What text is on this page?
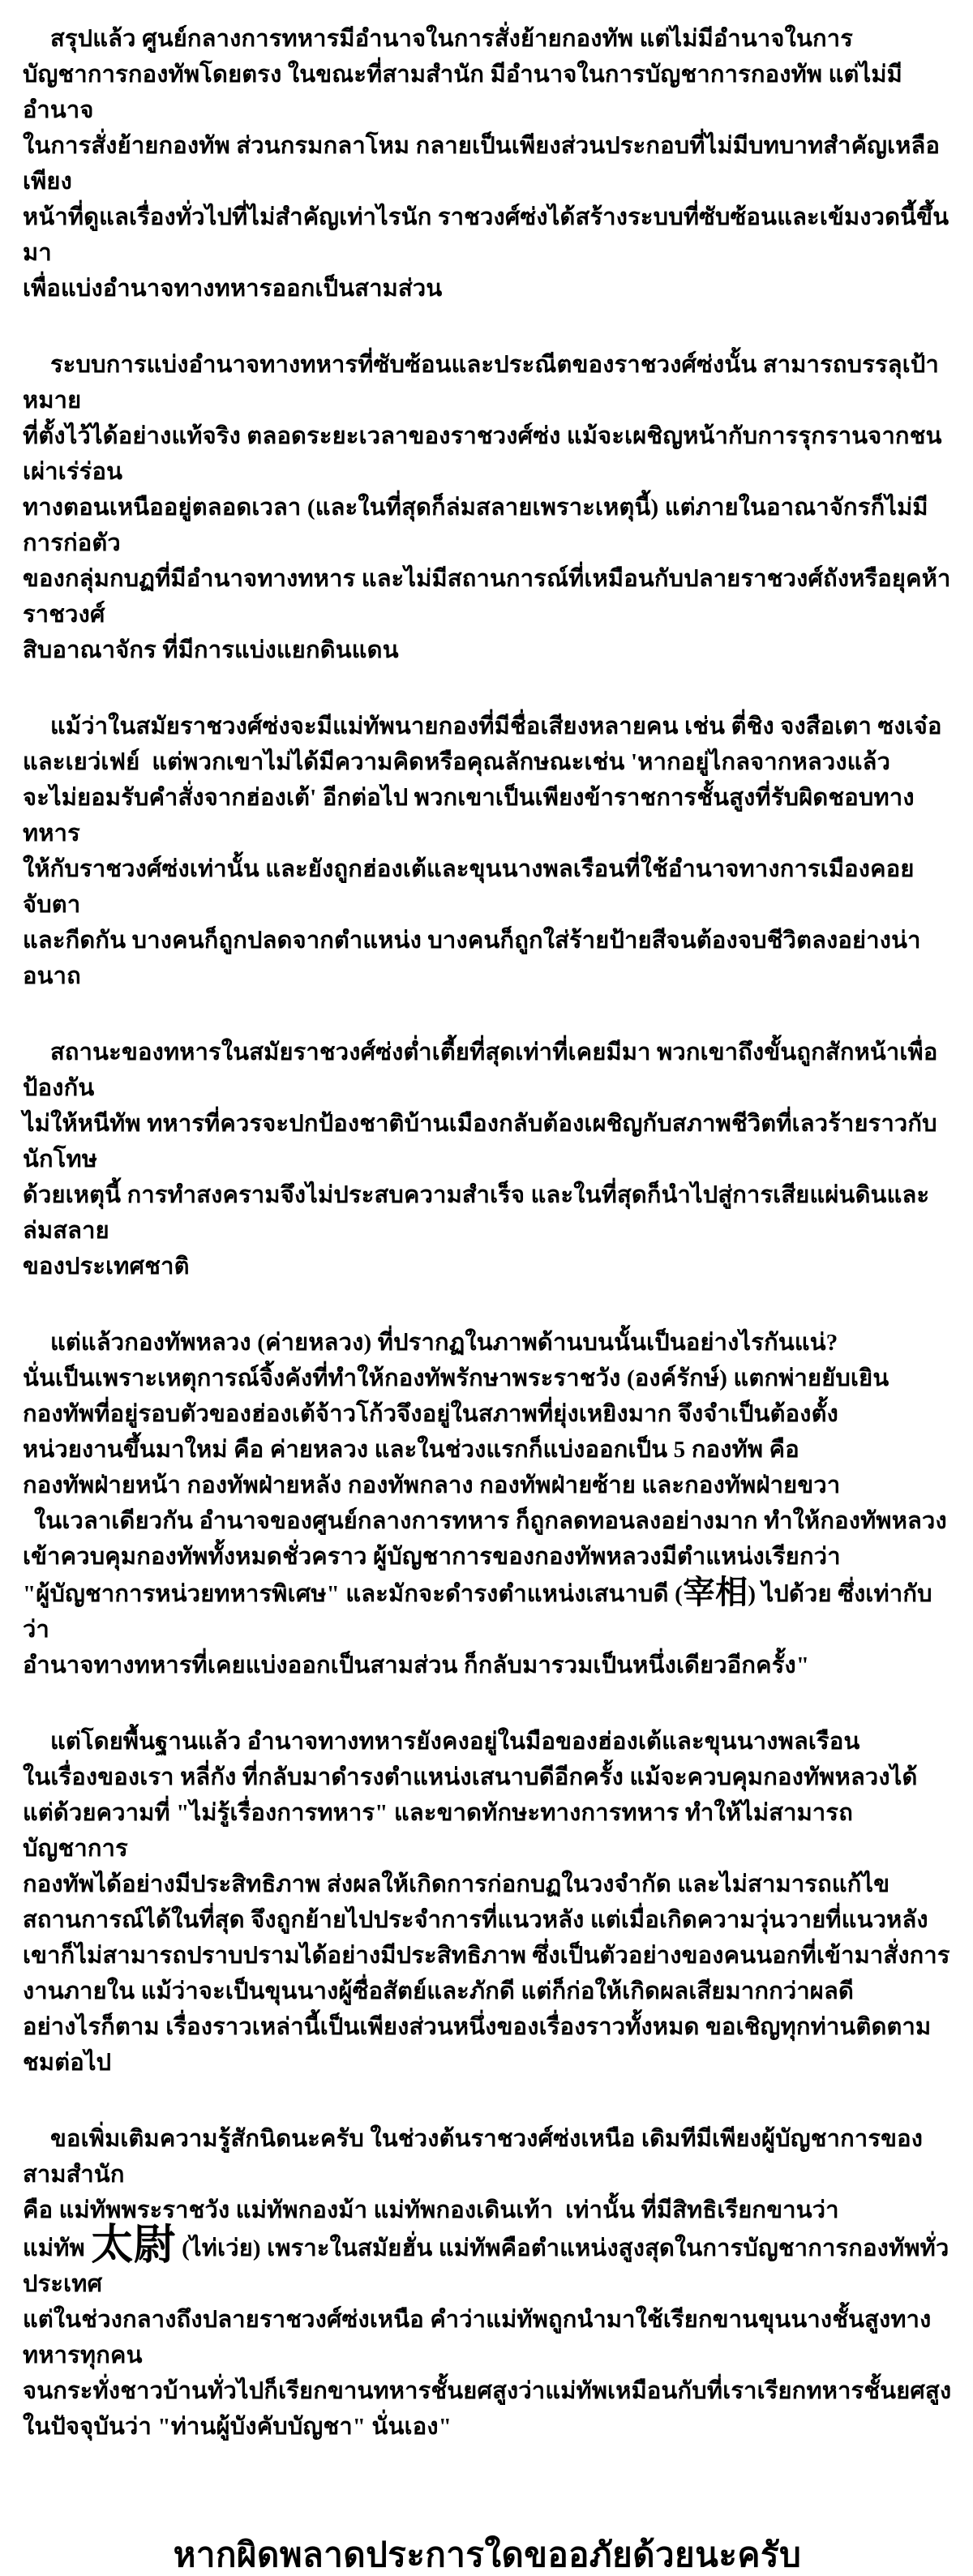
สรุปแล้ว ศูนย์กลางการทหารมีอำนาจในการสั่งย้ายกองทัพ แต่ไม่มีอำนาจในการ
บัญชาการกองทัพโดยตรง ในขณะที่สามสำนัก มีอำนาจในการบัญชาการกองทัพ แต่ไม่มีอำนาจ
ในการสั่งย้ายกองทัพ ส่วนกรมกลาโหม กลายเป็นเพียงส่วนประกอบที่ไม่มีบทบาทสำคัญเหลือเพียง
หน้าที่ดูแลเรื่องทั่วไปที่ไม่สำคัญเท่าไรนัก ราชวงศ์ซ่งได้สร้างระบบที่ซับซ้อนและเข้มงวดนี้ขึ้นมา
เพื่อแบ่งอำนาจทางทหารออกเป็นสามส่วน

ระบบการแบ่งอำนาจทางทหารที่ซับซ้อนและประณีตของราชวงศ์ซ่งนั้น สามารถบรรลุเป้าหมาย
ที่ตั้งไว้ได้อย่างแท้จริง ตลอดระยะเวลาของราชวงศ์ซ่ง แม้จะเผชิญหน้ากับการรุกรานจากชนเผ่าเร่ร่อน
ทางตอนเหนืออยู่ตลอดเวลา (และในที่สุดก็ล่มสลายเพราะเหตุนี้) แต่ภายในอาณาจักรก็ไม่มีการก่อตัว
ของกลุ่มกบฏที่มีอำนาจทางทหาร และไม่มีสถานการณ์ที่เหมือนกับปลายราชวงศ์ถังหรือยุคห้าราชวงศ์
สิบอาณาจักร ที่มีการแบ่งแยกดินแดน

แม้ว่าในสมัยราชวงศ์ซ่งจะมีแม่ทัพนายกองที่มีชื่อเสียงหลายคน เช่น ตี่ชิง จงสือเตา ซงเจ๋อ
และเยว่เฟย์  แต่พวกเขาไม่ได้มีความคิดหรือคุณลักษณะเช่น 'หากอยู่ไกลจากหลวงแล้ว
จะไม่ยอมรับคำสั่งจากฮ่องเต้' อีกต่อไป พวกเขาเป็นเพียงข้าราชการชั้นสูงที่รับผิดชอบทางทหาร
ให้กับราชวงศ์ซ่งเท่านั้น และยังถูกฮ่องเต้และขุนนางพลเรือนที่ใช้อำนาจทางการเมืองคอยจับตา
และกีดกัน บางคนก็ถูกปลดจากตำแหน่ง บางคนก็ถูกใส่ร้ายป้ายสีจนต้องจบชีวิตลงอย่างน่าอนาถ

สถานะของทหารในสมัยราชวงศ์ซ่งต่ำเตี้ยที่สุดเท่าที่เคยมีมา พวกเขาถึงขั้นถูกสักหน้าเพื่อป้องกัน
ไม่ให้หนีทัพ ทหารที่ควรจะปกป้องชาติบ้านเมืองกลับต้องเผชิญกับสภาพชีวิตที่เลวร้ายราวกับนักโทษ
ด้วยเหตุนี้ การทำสงครามจึงไม่ประสบความสำเร็จ และในที่สุดก็นำไปสู่การเสียแผ่นดินและล่มสลาย
ของประเทศชาติ

แต่แล้วกองทัพหลวง (ค่ายหลวง) ที่ปรากฏในภาพด้านบนนั้นเป็นอย่างไรกันแน่?
นั่นเป็นเพราะเหตุการณ์จิ้งคังที่ทำให้กองทัพรักษาพระราชวัง (องค์รักษ์) แตกพ่ายยับเยิน
กองทัพที่อยู่รอบตัวของฮ่องเต้จ้าวโก้วจึงอยู่ในสภาพที่ยุ่งเหยิงมาก จึงจำเป็นต้องตั้ง
หน่วยงานขึ้นมาใหม่ คือ ค่ายหลวง และในช่วงแรกก็แบ่งออกเป็น 5 กองทัพ คือ
กองทัพฝ่ายหน้า กองทัพฝ่ายหลัง กองทัพกลาง กองทัพฝ่ายซ้าย และกองทัพฝ่ายขวา
ในเวลาเดียวกัน อำนาจของศูนย์กลางการทหาร ก็ถูกลดทอนลงอย่างมาก ทำให้กองทัพหลวง
เข้าควบคุมกองทัพทั้งหมดชั่วคราว ผู้บัญชาการของกองทัพหลวงมีตำแหน่งเรียกว่า
"ผู้บัญชาการหน่วยทหารพิเศษ" และมักจะดำรงตำแหน่งเสนาบดี (宰相) ไปด้วย ซึ่งเท่ากับว่า
อำนาจทางทหารที่เคยแบ่งออกเป็นสามส่วน ก็กลับมารวมเป็นหนึ่งเดียวอีกครั้ง"

แต่โดยพื้นฐานแล้ว อำนาจทางทหารยังคงอยู่ในมือของฮ่องเต้และขุนนางพลเรือน
ในเรื่องของเรา หลี่กัง ที่กลับมาดำรงตำแหน่งเสนาบดีอีกครั้ง แม้จะควบคุมกองทัพหลวงได้
แต่ด้วยความที่ "ไม่รู้เรื่องการทหาร" และขาดทักษะทางการทหาร ทำให้ไม่สามารถบัญชาการ
กองทัพได้อย่างมีประสิทธิภาพ ส่งผลให้เกิดการก่อกบฏในวงจำกัด และไม่สามารถแก้ไข
สถานการณ์ได้ในที่สุด จึงถูกย้ายไปประจำการที่แนวหลัง แต่เมื่อเกิดความวุ่นวายที่แนวหลัง
เขาก็ไม่สามารถปราบปรามได้อย่างมีประสิทธิภาพ ซึ่งเป็นตัวอย่างของคนนอกที่เข้ามาสั่งการ
งานภายใน แม้ว่าจะเป็นขุนนางผู้ซื่อสัตย์และภักดี แต่ก็ก่อให้เกิดผลเสียมากกว่าผลดี
อย่างไรก็ตาม เรื่องราวเหล่านี้เป็นเพียงส่วนหนึ่งของเรื่องราวทั้งหมด ขอเชิญทุกท่านติดตามชมต่อไป

ขอเพิ่มเติมความรู้สักนิดนะครับ ในช่วงต้นราชวงศ์ซ่งเหนือ เดิมทีมีเพียงผู้บัญชาการของสามสำนัก
คือ แม่ทัพพระราชวัง แม่ทัพกองม้า แม่ทัพกองเดินเท้า  เท่านั้น ที่มีสิทธิเรียกขานว่า
แม่ทัพ 太尉 (ไท่เว่ย) เพราะในสมัยฮั่น แม่ทัพคือตำแหน่งสูงสุดในการบัญชาการกองทัพทั่วประเทศ
แต่ในช่วงกลางถึงปลายราชวงศ์ซ่งเหนือ คำว่าแม่ทัพถูกนำมาใช้เรียกขานขุนนางชั้นสูงทางทหารทุกคน
จนกระทั่งชาวบ้านทั่วไปก็เรียกขานทหารชั้นยศสูงว่าแม่ทัพเหมือนกับที่เราเรียกทหารชั้นยศสูง
ในปัจจุบันว่า "ท่านผู้บังคับบัญชา" นั่นเอง"

หากผิดพลาดประการใดขออภัยด้วยนะครับ
